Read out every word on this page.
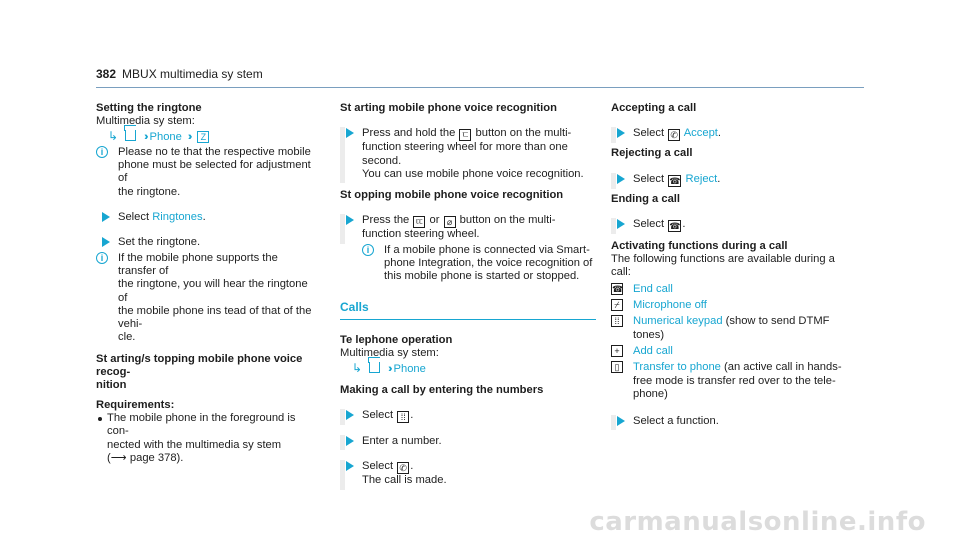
382 MBUX multimedia sy stem
Setting the ringtone
Multimedia sy stem:
↳ ›› Phone ›› Z
i	Please no te that the respective mobile
phone must be selected for adjustment of
the ringtone.
Select Ringtones.
Set the ringtone.
i	If the mobile phone supports the transfer of
the ringtone, you will hear the ringtone of
the mobile phone ins tead of that of the vehi‐
cle.
St arting/s topping mobile phone voice recog‐
nition
Requirements:
The mobile phone in the foreground is con‐
nected with the multimedia sy stem
(⟶ page 378).
St arting mobile phone voice recognition
Press and hold the ㄷ button on the multi‐
function steering wheel for more than one
second.
You can use mobile phone voice recognition.
St opping mobile phone voice recognition
Press the ㄸ or ⌀ button on the multi‐
function steering wheel.
i	If a mobile phone is connected via Smart‐
phone Integration, the voice recognition of
this mobile phone is started or stopped.
Calls
Te lephone operation
Multimedia sy stem:
↳ ›› Phone
Making a call by entering the numbers
Select ⁞⁞ .
Enter a number.
Select ✆ .
The call is made.
Accepting a call
Select ✆ Accept.
Rejecting a call
Select ☎ Reject.
Ending a call
Select ☎ .
Activating functions during a call
The following functions are available during a
call:
☎ End call
⌿ Microphone off
⁞⁞	Numerical keypad (show to send DTMF
tones)
+	Add call
▯	Transfer to phone (an active call in hands-
free mode is transfer red over to the tele‐
phone)
Select a function.
carmanualsonline.info
